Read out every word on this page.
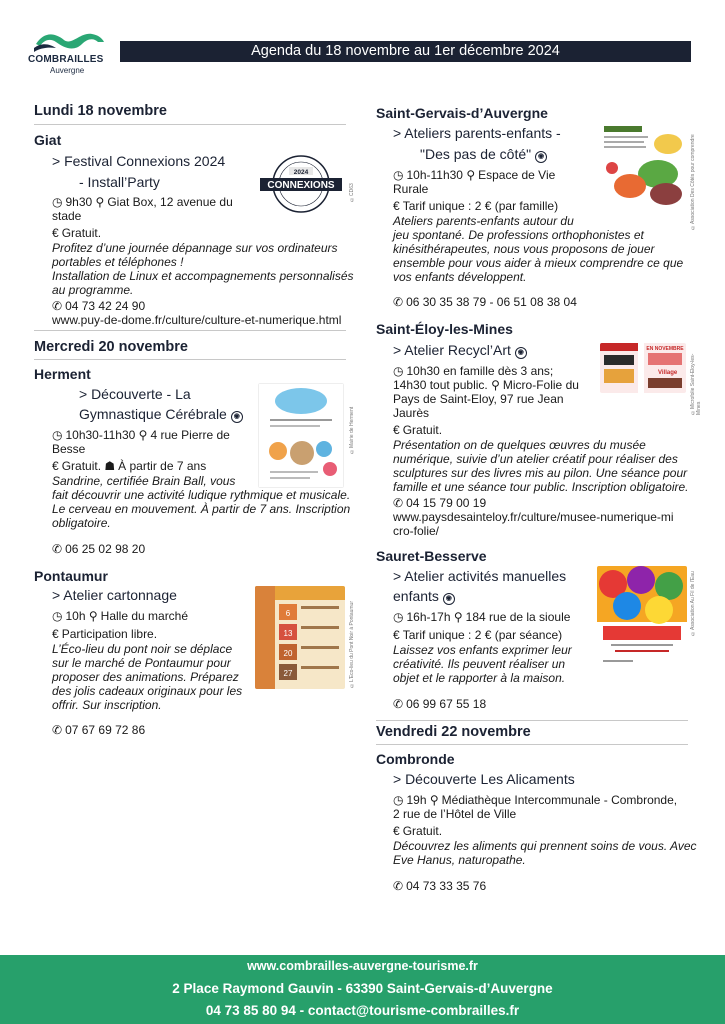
COMBRAILLES
Auvergne
Agenda du 18 novembre au 1er décembre 2024
Lundi 18 novembre
Giat
> Festival Connexions 2024
- Install’Party
◷ 9h30 ⚲ Giat Box, 12 avenue du
stade
€ Gratuit.
Profitez d’une journée dépannage sur vos ordinateurs
portables et téléphones !
Installation de Linux et accompagnements personnalisés
au programme.
✆ 04 73 42 24 90
www.puy-de-dome.fr/culture/culture-et-numerique.html
CONNEXIONS
2024
©CD63
Mercredi 20 novembre
Herment
> Découverte - La
Gymnastique Cérébrale ◉
◷ 10h30-11h30 ⚲ 4 rue Pierre de
Besse
€ Gratuit. ☗ À partir de 7 ans
Sandrine, certifiée Brain Ball, vous
fait découvrir une activité ludique rythmique et musicale.
Le cerveau en mouvement. À partir de 7 ans. Inscription
obligatoire.
✆ 06 25 02 98 20
©Mairie de Herment
Pontaumur
> Atelier cartonnage
◷ 10h ⚲ Halle du marché
€ Participation libre.
L’Éco-lieu du pont noir se déplace
sur le marché de Pontaumur pour
proposer des animations. Préparez
des jolis cadeaux originaux pour les
offrir. Sur inscription.
✆ 07 67 69 72 86
6
13
20
27	©L'Eco-lieu du Pont Noir à Pontaumur
Saint-Gervais-d’Auvergne
> Ateliers parents-enfants -
"Des pas de côté" ◉
◷ 10h-11h30 ⚲ Espace de Vie
Rurale
€ Tarif unique : 2 € (par famille)
Ateliers parents-enfants autour du
jeu spontané. De professions orthophonistes et
kinésithérapeutes, nous vous proposons de jouer
ensemble pour vous aider à mieux comprendre ce que
vos enfants développent.
✆ 06 30 35 38 79 - 06 51 08 38 04
©Association Des Côtés pour comprendre
Saint-Éloy-les-Mines
> Atelier Recycl’Art ◉
◷ 10h30 en famille dès 3 ans;
14h30 tout public. ⚲ Micro-Folie du
Pays de Saint-Eloy, 97 rue Jean
Jaurès
€ Gratuit.
Présentation on de quelques œuvres du musée
numérique, suivie d’un atelier créatif pour réaliser des
sculptures sur des livres mis au pilon. Une séance pour
famille et une séance tour public. Inscription obligatoire.
✆ 04 15 79 00 19
www.paysdesainteloy.fr/culture/musee-numerique-mi
cro-folie/
EN NOVEMBRE
Village	©Microfolie Saint-Eloy-les-Mines
Sauret-Besserve
> Atelier activités manuelles
enfants ◉
◷ 16h-17h ⚲ 184 rue de la sioule
€ Tarif unique : 2 € (par séance)
Laissez vos enfants exprimer leur
créativité. Ils peuvent réaliser un
objet et le rapporter à la maison.
✆ 06 99 67 55 18
©Association Au Fil de l'Eau
Vendredi 22 novembre
Combronde
> Découverte Les Alicaments
◷ 19h ⚲ Médiathèque Intercommunale - Combronde,
2 rue de l’Hôtel de Ville
€ Gratuit.
Découvrez les aliments qui prennent soins de vous. Avec
Eve Hanus, naturopathe.
✆ 04 73 33 35 76
www.combrailles-auvergne-tourisme.fr
2 Place Raymond Gauvin - 63390 Saint-Gervais-d’Auvergne
04 73 85 80 94 - contact@tourisme-combrailles.fr
